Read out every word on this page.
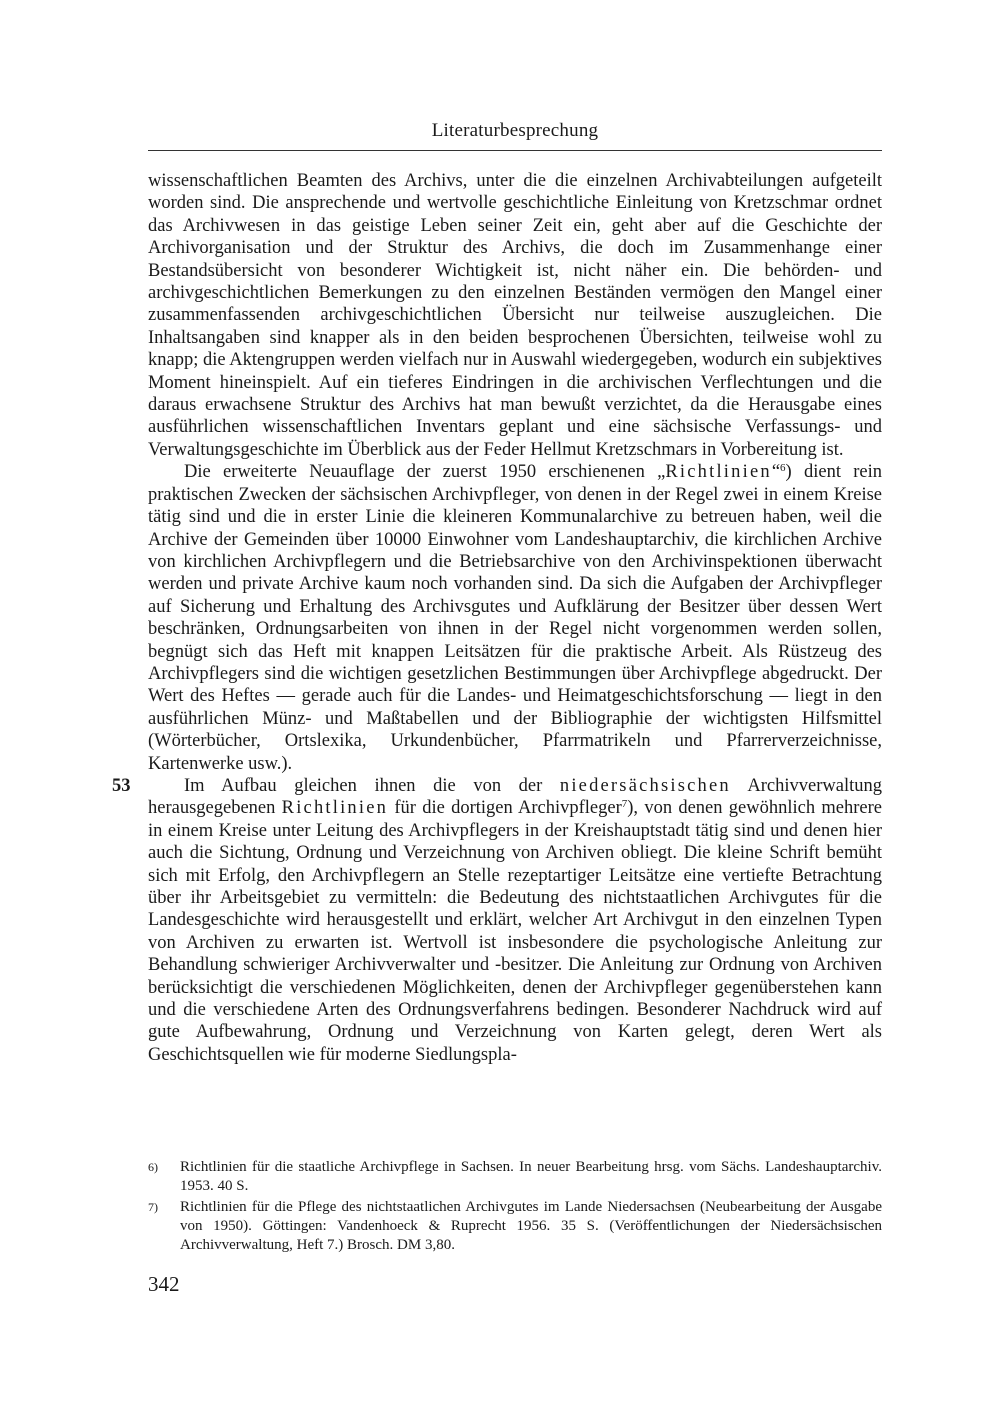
Literaturbesprechung

wissenschaftlichen Beamten des Archivs, unter die die einzelnen Archivabteilungen aufgeteilt worden sind. Die ansprechende und wertvolle geschichtliche Einleitung von Kretzschmar ordnet das Archivwesen in das geistige Leben seiner Zeit ein, geht aber auf die Geschichte der Archivorganisation und der Struktur des Archivs, die doch im Zusammenhange einer Bestandsübersicht von besonderer Wichtigkeit ist, nicht näher ein. Die behörden- und archivgeschichtlichen Bemerkungen zu den einzelnen Beständen vermögen den Mangel einer zusammenfassenden archivgeschichtlichen Übersicht nur teilweise auszugleichen. Die Inhaltsangaben sind knapper als in den beiden besprochenen Übersichten, teilweise wohl zu knapp; die Aktengruppen werden vielfach nur in Auswahl wiedergegeben, wodurch ein subjektives Moment hineinspielt. Auf ein tieferes Eindringen in die archivischen Verflechtungen und die daraus erwachsene Struktur des Archivs hat man bewußt verzichtet, da die Herausgabe eines ausführlichen wissenschaftlichen Inventars geplant und eine sächsische Verfassungs- und Verwaltungsgeschichte im Überblick aus der Feder Hellmut Kretzschmars in Vorbereitung ist.

Die erweiterte Neuauflage der zuerst 1950 erschienenen „Richtlinien“$^6$) dient rein praktischen Zwecken der sächsischen Archivpfleger, von denen in der Regel zwei in einem Kreise tätig sind und die in erster Linie die kleineren Kommunalarchive zu betreuen haben, weil die Archive der Gemeinden über 10000 Einwohner vom Landeshauptarchiv, die kirchlichen Archive von kirchlichen Archivpflegern und die Betriebsarchive von den Archivinspektionen überwacht werden und private Archive kaum noch vorhanden sind. Da sich die Aufgaben der Archivpfleger auf Sicherung und Erhaltung des Archivsgutes und Aufklärung der Besitzer über dessen Wert beschränken, Ordnungsarbeiten von ihnen in der Regel nicht vorgenommen werden sollen, begnügt sich das Heft mit knappen Leitsätzen für die praktische Arbeit. Als Rüstzeug des Archivpflegers sind die wichtigen gesetzlichen Bestimmungen über Archivpflege abgedruckt. Der Wert des Heftes — gerade auch für die Landes- und Heimatgeschichtsforschung — liegt in den ausführlichen Münz- und Maßtabellen und der Bibliographie der wichtigsten Hilfsmittel (Wörterbücher, Ortslexika, Urkundenbücher, Pfarrmatrikeln und Pfarrerverzeichnisse, Kartenwerke usw.).

53	Im Aufbau gleichen ihnen die von der niedersächsischen Archivverwaltung herausgegebenen Richtlinien für die dortigen Archivpfleger$^7$), von denen gewöhnlich mehrere in einem Kreise unter Leitung des Archivpflegers in der Kreishauptstadt tätig sind und denen hier auch die Sichtung, Ordnung und Verzeichnung von Archiven obliegt. Die kleine Schrift bemüht sich mit Erfolg, den Archivpflegern an Stelle rezeptartiger Leitsätze eine vertiefte Betrachtung über ihr Arbeitsgebiet zu vermitteln: die Bedeutung des nichtstaatlichen Archivgutes für die Landesgeschichte wird herausgestellt und erklärt, welcher Art Archivgut in den einzelnen Typen von Archiven zu erwarten ist. Wertvoll ist insbesondere die psychologische Anleitung zur Behandlung schwieriger Archivverwalter und -besitzer. Die Anleitung zur Ordnung von Archiven berücksichtigt die verschiedenen Möglichkeiten, denen der Archivpfleger gegenüberstehen kann und die verschiedene Arten des Ordnungsverfahrens bedingen. Besonderer Nachdruck wird auf gute Aufbewahrung, Ordnung und Verzeichnung von Karten gelegt, deren Wert als Geschichtsquellen wie für moderne Siedlungspla-

6) Richtlinien für die staatliche Archivpflege in Sachsen. In neuer Bearbeitung hrsg. vom Sächs. Landeshauptarchiv. 1953. 40 S.
7) Richtlinien für die Pflege des nichtstaatlichen Archivgutes im Lande Niedersachsen (Neubearbeitung der Ausgabe von 1950). Göttingen: Vandenhoeck & Ruprecht 1956. 35 S. (Veröffentlichungen der Niedersächsischen Archivverwaltung, Heft 7.) Brosch. DM 3,80.
342
